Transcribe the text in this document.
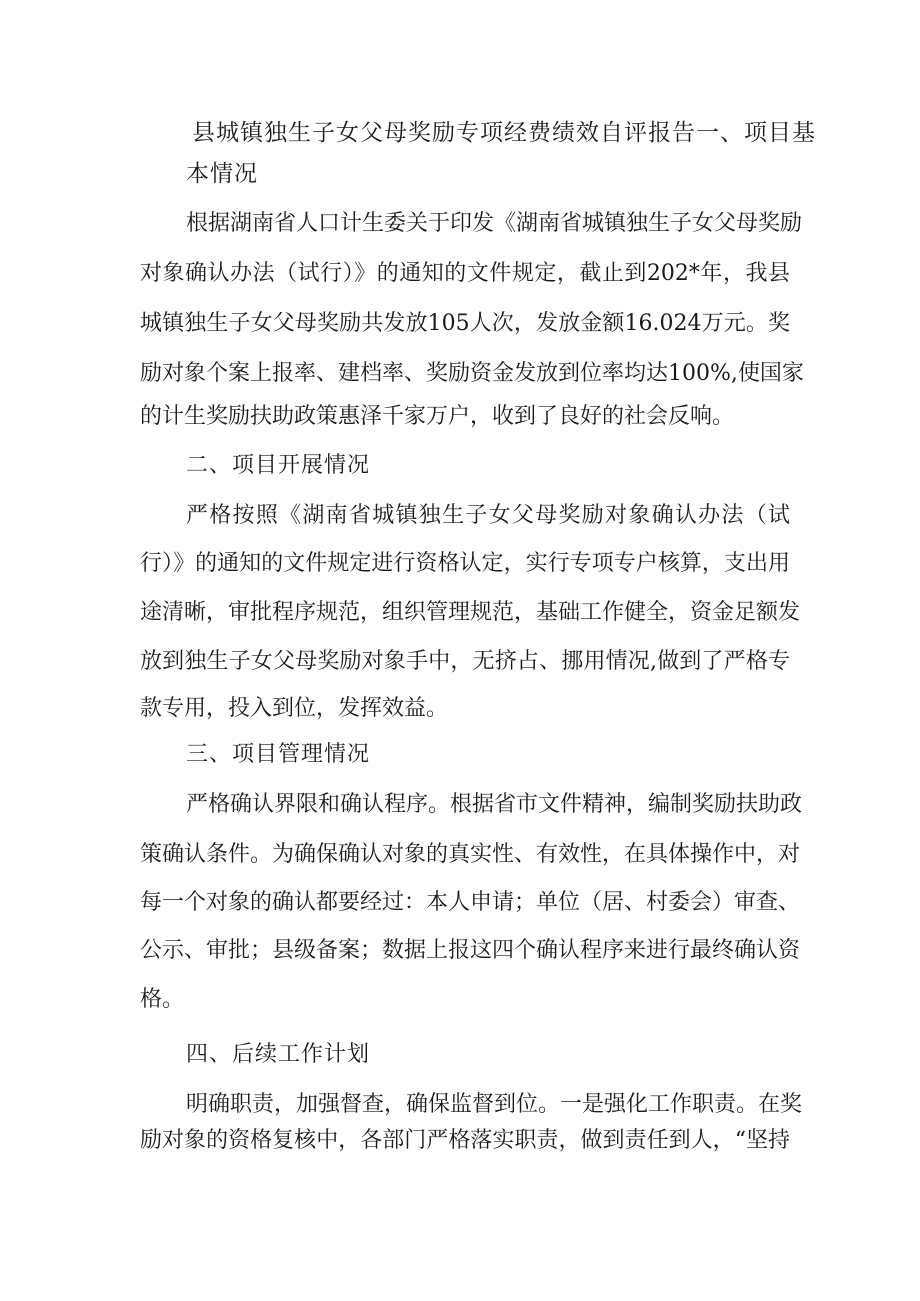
县城镇独生子女父母奖励专项经费绩效自评报告一、项目基
本情况
根据湖南省人口计生委关于印发《湖南省城镇独生子女父母奖励
对象确认办法（试行）》的通知的文件规定，截止到202*年，我县
城镇独生子女父母奖励共发放105人次，发放金额16.024万元。奖
励对象个案上报率、建档率、奖励资金发放到位率均达100%,使国家
的计生奖励扶助政策惠泽千家万户，收到了良好的社会反响。
二、项目开展情况
严格按照《湖南省城镇独生子女父母奖励对象确认办法（试
行）》的通知的文件规定进行资格认定，实行专项专户核算，支出用
途清晰，审批程序规范，组织管理规范，基础工作健全，资金足额发
放到独生子女父母奖励对象手中，无挤占、挪用情况,做到了严格专
款专用，投入到位，发挥效益。
三、项目管理情况
严格确认界限和确认程序。根据省市文件精神，编制奖励扶助政
策确认条件。为确保确认对象的真实性、有效性，在具体操作中，对
每一个对象的确认都要经过：本人申请；单位（居、村委会）审查、
公示、审批；县级备案；数据上报这四个确认程序来进行最终确认资
格。
四、后续工作计划
明确职责，加强督查，确保监督到位。一是强化工作职责。在奖
励对象的资格复核中，各部门严格落实职责，做到责任到人，“坚持
